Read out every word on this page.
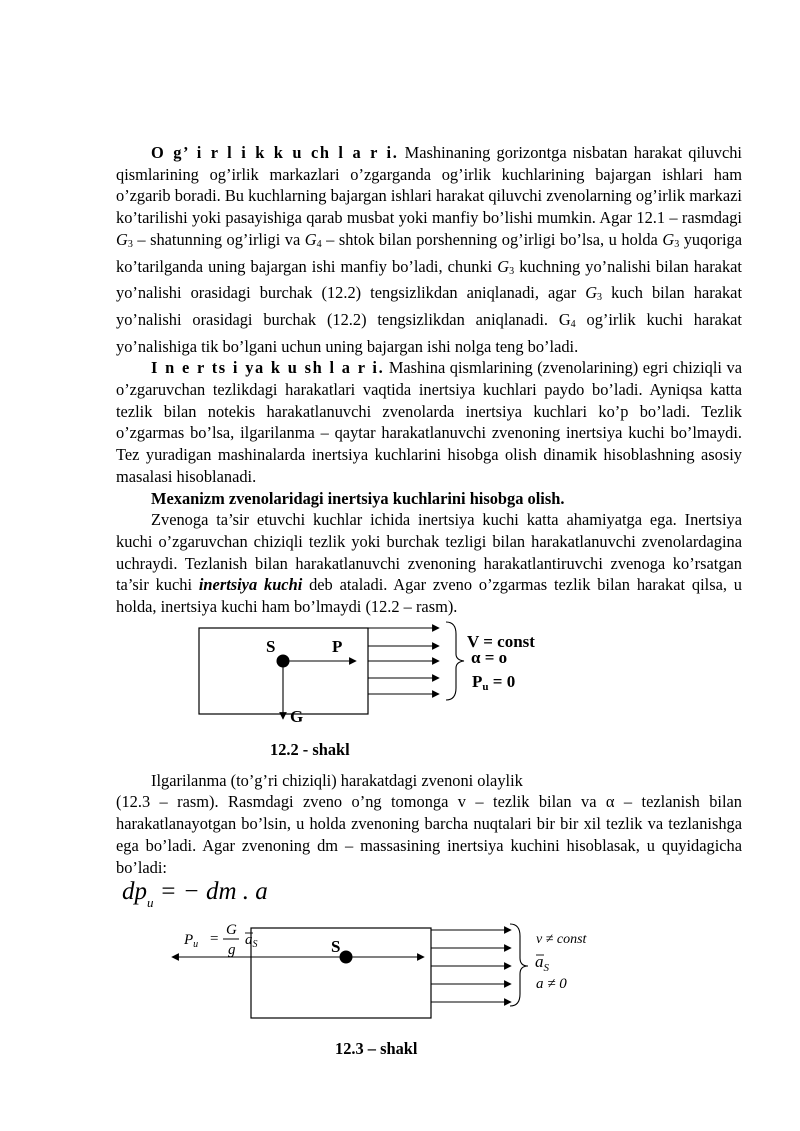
O g’ i r l i k k u ch l a r i. Mashinaning gorizontga nisbatan harakat qiluvchi qismlarining og’irlik markazlari o’zgarganda og’irlik kuchlarining bajargan ishlari ham o’zgarib boradi. Bu kuchlarning bajargan ishlari harakat qiluvchi zvenolarning og’irlik markazi ko’tarilishi yoki pasayishiga qarab musbat yoki manfiy bo’lishi mumkin. Agar 12.1 – rasmdagi $G_3$ – shatunning og’irligi va $G_4$ – shtok bilan porshenning og’irligi bo’lsa, u holda $G_3$ yuqoriga ko’tarilganda uning bajargan ishi manfiy bo’ladi, chunki $G_3$ kuchning yo’nalishi bilan harakat yo’nalishi orasidagi burchak (12.2) tengsizlikdan aniqlanadi, agar $G_3$ kuch bilan harakat yo’nalishi orasidagi burchak (12.2) tengsizlikdan aniqlanadi. $G_4$ og’irlik kuchi harakat yo’nalishiga tik bo’lgani uchun uning bajargan ishi nolga teng bo’ladi.

I n e r ts i ya k u sh l a r i. Mashina qismlarining (zvenolarining) egri chiziqli va o’zgaruvchan tezlikdagi harakatlari vaqtida inertsiya kuchlari paydo bo’ladi. Ayniqsa katta tezlik bilan notekis harakatlanuvchi zvenolarda inertsiya kuchlari ko’p bo’ladi. Tezlik o’zgarmas bo’lsa, ilgarilanma – qaytar harakatlanuvchi zvenoning inertsiya kuchi bo’lmaydi. Tez yuradigan mashinalarda inertsiya kuchlarini hisobga olish dinamik hisoblashning asosiy masalasi hisoblanadi.

Mexanizm zvenolaridagi inertsiya kuchlarini hisobga olish.

Zvenoga ta’sir etuvchi kuchlar ichida inertsiya kuchi katta ahamiyatga ega. Inertsiya kuchi o’zgaruvchan chiziqli tezlik yoki burchak tezligi bilan harakatlanuvchi zvenolardagina uchraydi. Tezlanish bilan harakatlanuvchi zvenoning harakatlantiruvchi zvenoga ko’rsatgan ta’sir kuchi inertsiya kuchi deb ataladi. Agar zveno o’zgarmas tezlik bilan harakat qilsa, u holda, inertsiya kuchi ham bo’lmaydi (12.2 – rasm).

S	P
G
V = const
α = o
Pu = 0
12.2 - shakl

Ilgarilanma (to’g’ri chiziqli) harakatdagi zvenoni olaylik

(12.3 – rasm). Rasmdagi zveno o’ng tomonga v – tezlik bilan va α – tezlanish bilan harakatlanayotgan bo’lsin, u holda zvenoning barcha nuqtalari bir bir xil tezlik va tezlanishga ega bo’ladi. Agar zvenoning dm – massasining inertsiya kuchini hisoblasak, u quyidagicha bo’ladi:

$dp_u$ = − dm . a
$P_u$ =
G
g
$a_S$	S	v ≠ const
$a_S$
a ≠ 0
12.3 – shakl
